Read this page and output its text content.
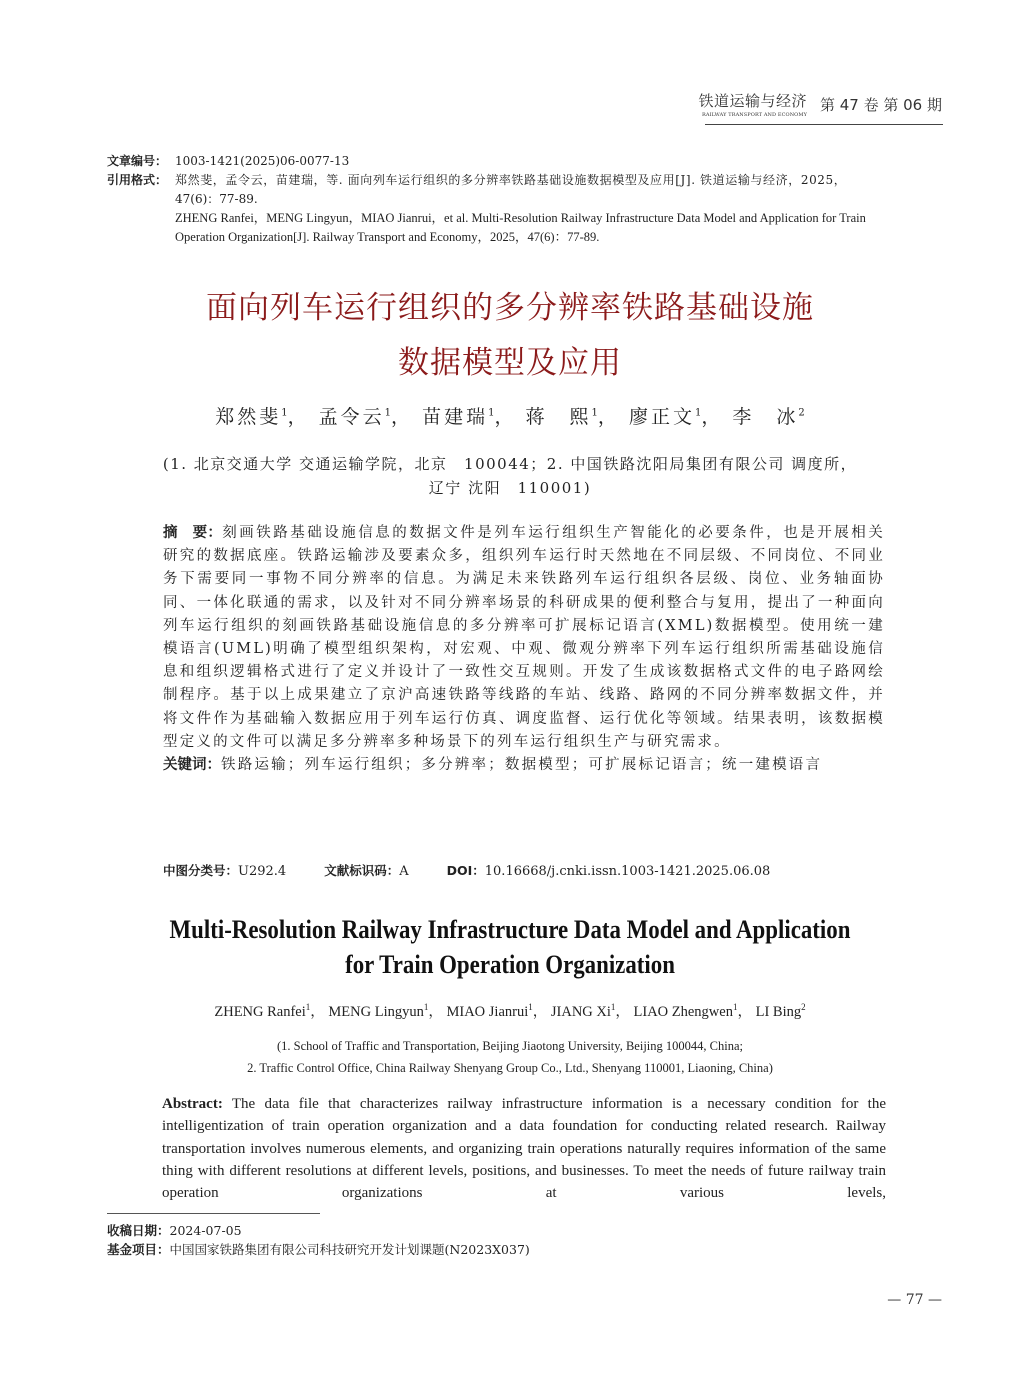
铁道运输与经济
RAILWAY TRANSPORT AND ECONOMY
第 47 卷 第 06 期
文章编号： 1003-1421(2025)06-0077-13
引用格式： 郑然斐，孟令云，苗建瑞，等. 面向列车运行组织的多分辨率铁路基础设施数据模型及应用[J]. 铁道运输与经济，2025，
47(6)：77-89.
ZHENG Ranfei，MENG Lingyun，MIAO Jianrui，et al. Multi-Resolution Railway Infrastructure Data Model and Application for Train
Operation Organization[J]. Railway Transport and Economy，2025，47(6)：77-89.
面向列车运行组织的多分辨率铁路基础设施
数据模型及应用
郑然斐$^1$， 孟令云$^1$， 苗建瑞$^1$， 蒋　熙$^1$， 廖正文$^1$， 李　冰$^2$
(1. 北京交通大学 交通运输学院，北京　100044；2. 中国铁路沈阳局集团有限公司 调度所，
辽宁 沈阳　110001)
摘　要：刻画铁路基础设施信息的数据文件是列车运行组织生产智能化的必要条件，也是开展相关研究的数据底座。铁路运输涉及要素众多，组织列车运行时天然地在不同层级、不同岗位、不同业务下需要同一事物不同分辨率的信息。为满足未来铁路列车运行组织各层级、岗位、业务轴面协同、一体化联通的需求，以及针对不同分辨率场景的科研成果的便利整合与复用，提出了一种面向列车运行组织的刻画铁路基础设施信息的多分辨率可扩展标记语言(XML)数据模型。使用统一建模语言(UML)明确了模型组织架构，对宏观、中观、微观分辨率下列车运行组织所需基础设施信息和组织逻辑格式进行了定义并设计了一致性交互规则。开发了生成该数据格式文件的电子路网绘制程序。基于以上成果建立了京沪高速铁路等线路的车站、线路、路网的不同分辨率数据文件，并将文件作为基础输入数据应用于列车运行仿真、调度监督、运行优化等领域。结果表明，该数据模型定义的文件可以满足多分辨率多种场景下的列车运行组织生产与研究需求。
关键词：铁路运输；列车运行组织；多分辨率；数据模型；可扩展标记语言；统一建模语言
中图分类号：U292.4	文献标识码：A	DOI：10.16668/j.cnki.issn.1003-1421.2025.06.08
Multi-Resolution Railway Infrastructure Data Model and Application
for Train Operation Organization
ZHENG Ranfei$^1$， MENG Lingyun$^1$， MIAO Jianrui$^1$， JIANG Xi$^1$， LIAO Zhengwen$^1$， LI Bing$^2$
(1. School of Traffic and Transportation, Beijing Jiaotong University, Beijing 100044, China;
2. Traffic Control Office, China Railway Shenyang Group Co., Ltd., Shenyang 110001, Liaoning, China)
Abstract: The data file that characterizes railway infrastructure information is a necessary condition for the intelligentization of train operation organization and a data foundation for conducting related research. Railway transportation involves numerous elements, and organizing train operations naturally requires information of the same thing with different resolutions at different levels, positions, and businesses. To meet the needs of future railway train operation organizations at various levels,
收稿日期：2024-07-05
基金项目：中国国家铁路集团有限公司科技研究开发计划课题(N2023X037)
— 77 —
